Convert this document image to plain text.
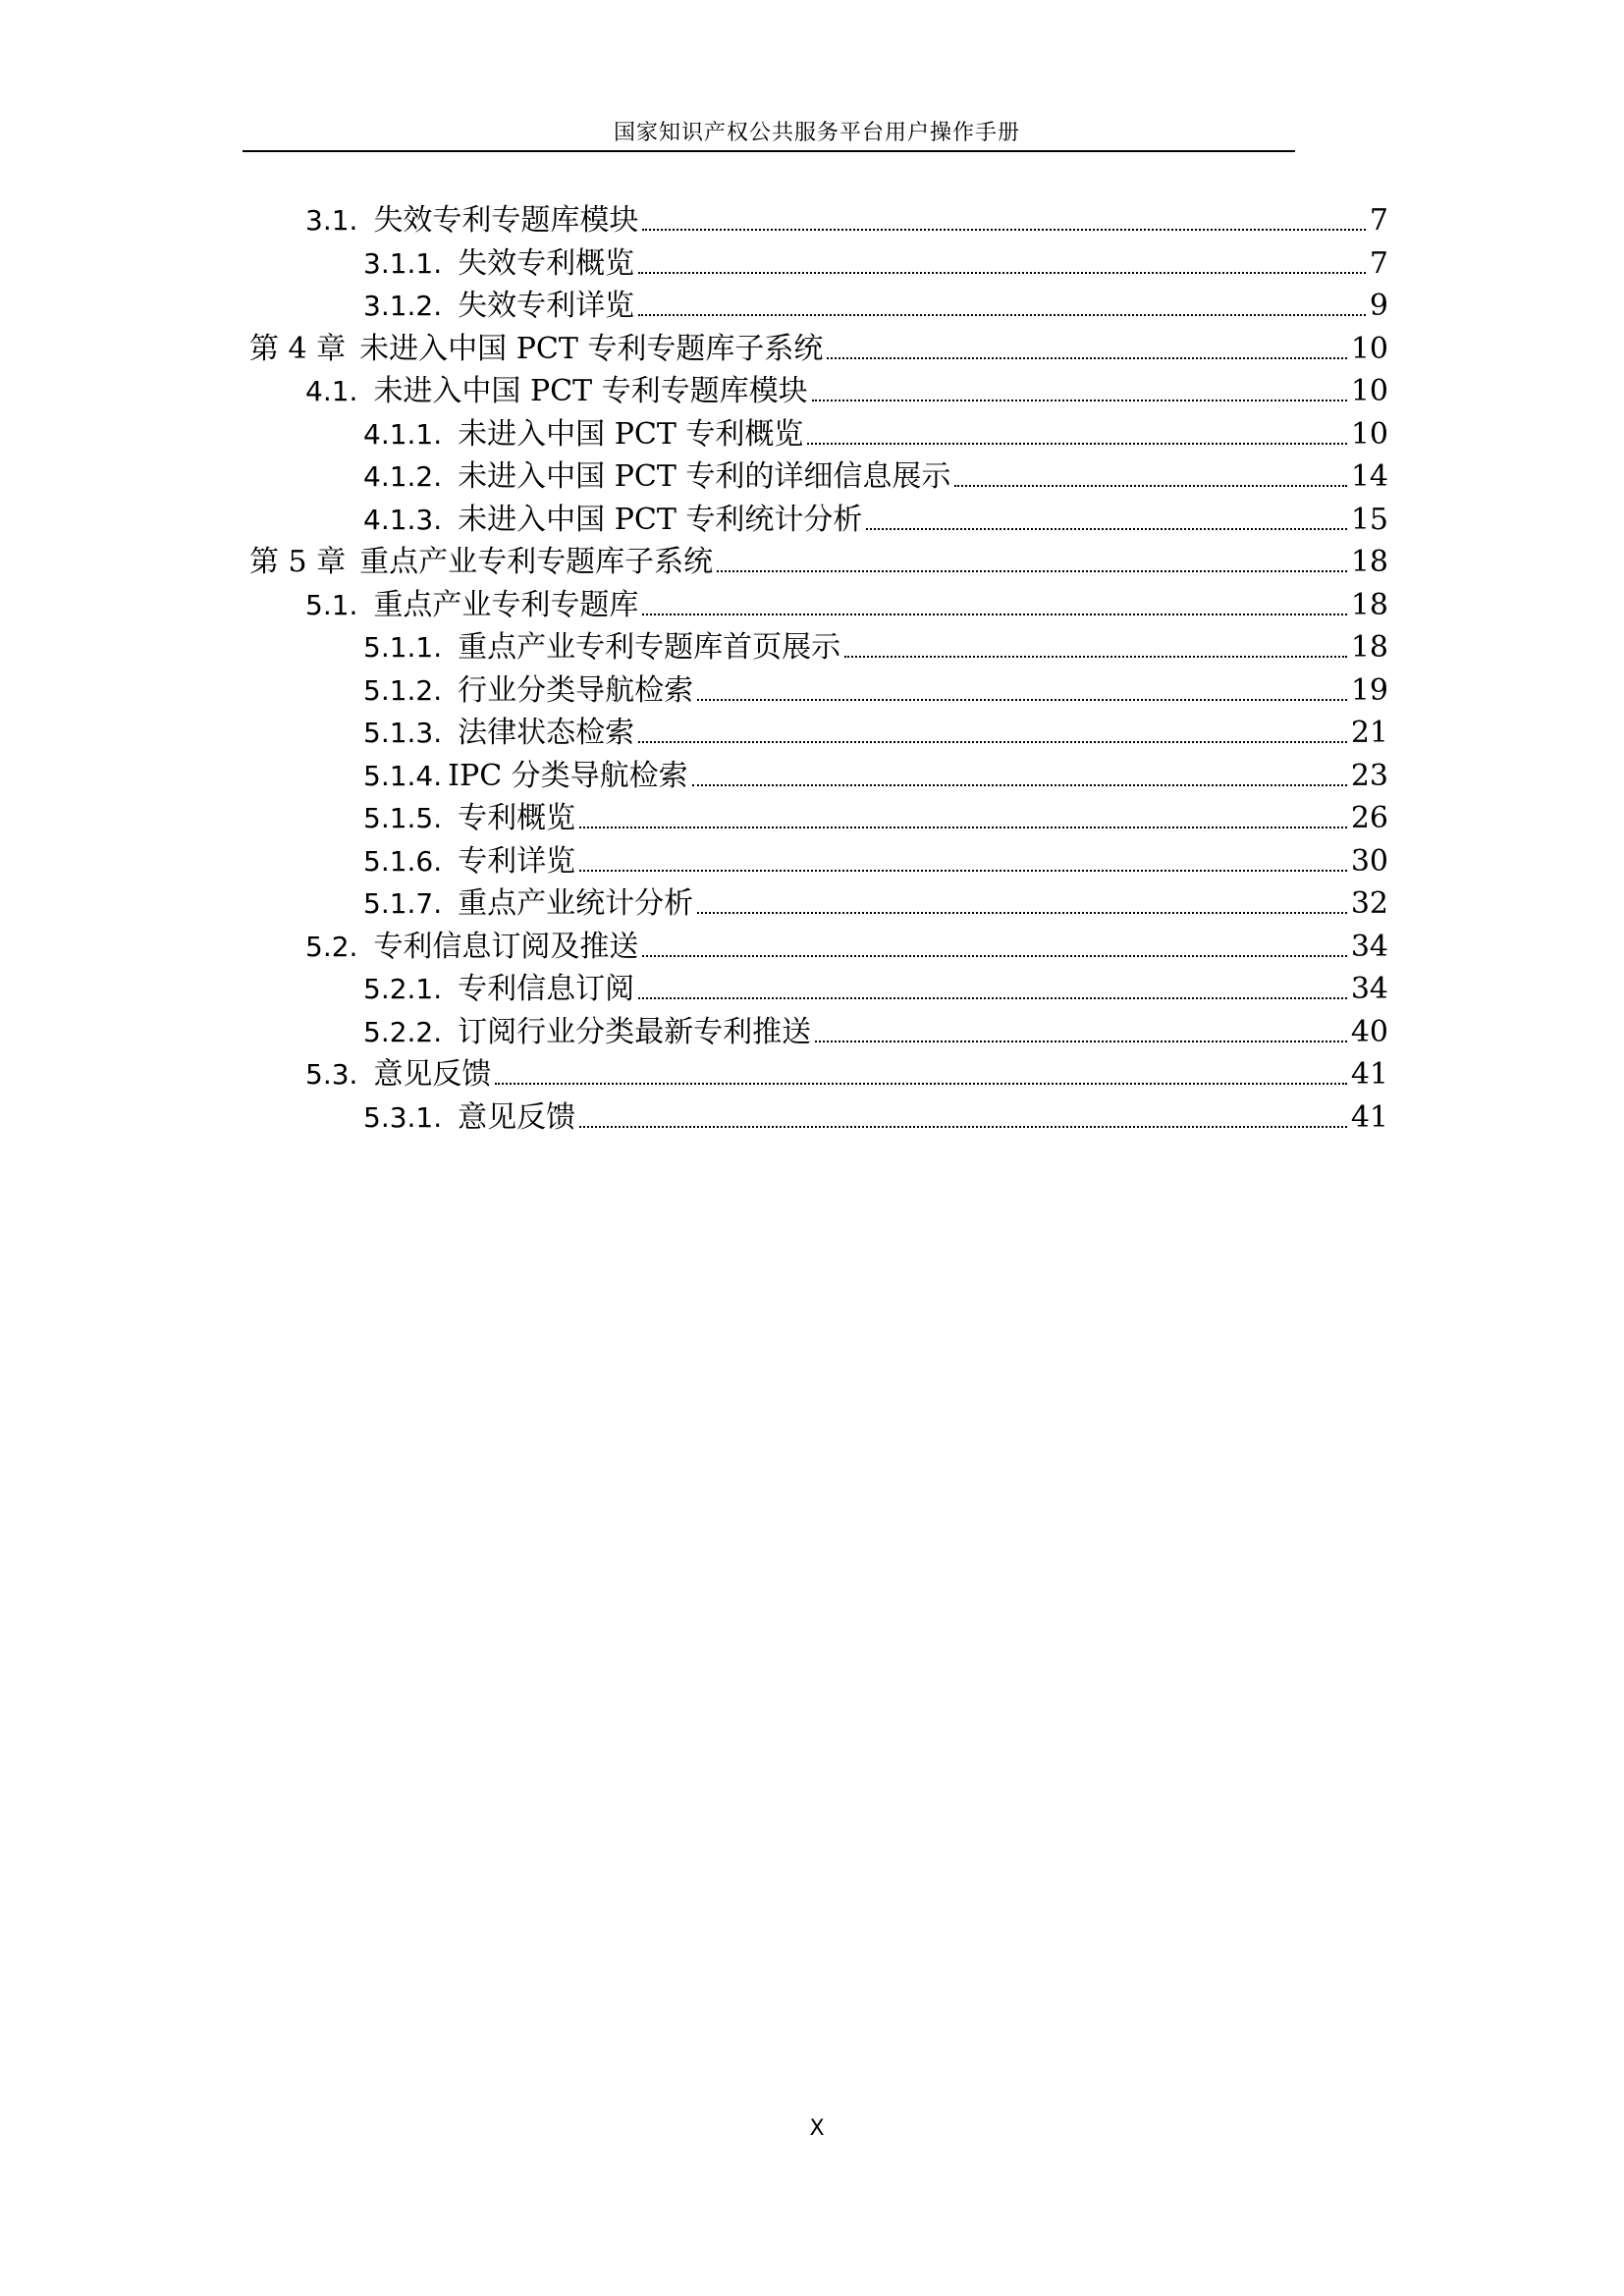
国家知识产权公共服务平台用户操作手册
3.1. 失效专利专题库模块	7
3.1.1. 失效专利概览	7
3.1.2. 失效专利详览	9
第 4 章 未进入中国 PCT 专利专题库子系统	10
4.1. 未进入中国 PCT 专利专题库模块	10
4.1.1. 未进入中国 PCT 专利概览	10
4.1.2. 未进入中国 PCT 专利的详细信息展示	14
4.1.3. 未进入中国 PCT 专利统计分析	15
第 5 章 重点产业专利专题库子系统	18
5.1. 重点产业专利专题库	18
5.1.1. 重点产业专利专题库首页展示	18
5.1.2. 行业分类导航检索	19
5.1.3. 法律状态检索	21
5.1.4. IPC 分类导航检索	23
5.1.5. 专利概览	26
5.1.6. 专利详览	30
5.1.7. 重点产业统计分析	32
5.2. 专利信息订阅及推送	34
5.2.1. 专利信息订阅	34
5.2.2. 订阅行业分类最新专利推送	40
5.3. 意见反馈	41
5.3.1. 意见反馈	41
X
